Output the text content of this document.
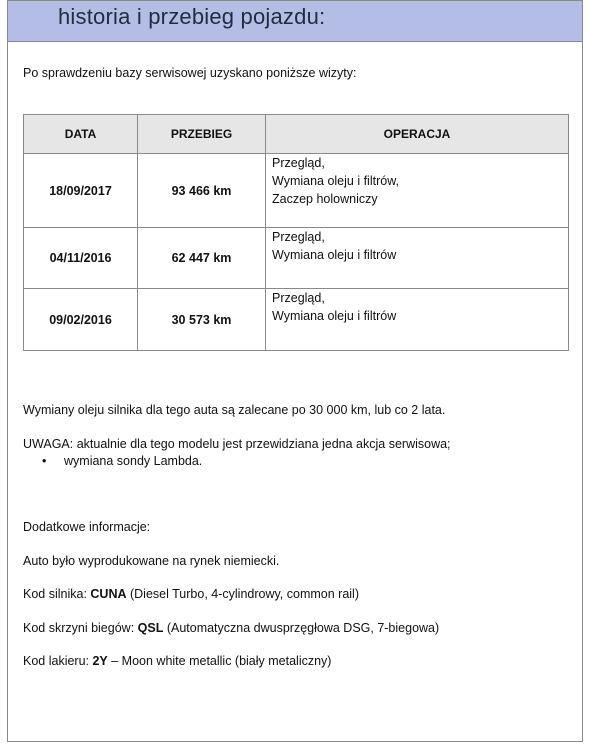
historia i przebieg pojazdu:
Po sprawdzeniu bazy serwisowej uzyskano poniższe wizyty:
DATA	PRZEBIEG	OPERACJA
18/09/2017	93 466 km	Przegląd,
Wymiana oleju i filtrów,
Zaczep holowniczy

04/11/2016	62 447 km	Przegląd,
Wymiana oleju i filtrów

09/02/2016	30 573 km	Przegląd,
Wymiana oleju i filtrów
Wymiany oleju silnika dla tego auta są zalecane po 30 000 km, lub co 2 lata.
UWAGA: aktualnie dla tego modelu jest przewidziana jedna akcja serwisowa;
• wymiana sondy Lambda.
Dodatkowe informacje:
Auto było wyprodukowane na rynek niemiecki.
Kod silnika: CUNA (Diesel Turbo, 4-cylindrowy, common rail)
Kod skrzyni biegów: QSL (Automatyczna dwusprzęgłowa DSG, 7-biegowa)
Kod lakieru: 2Y – Moon white metallic (biały metaliczny)
